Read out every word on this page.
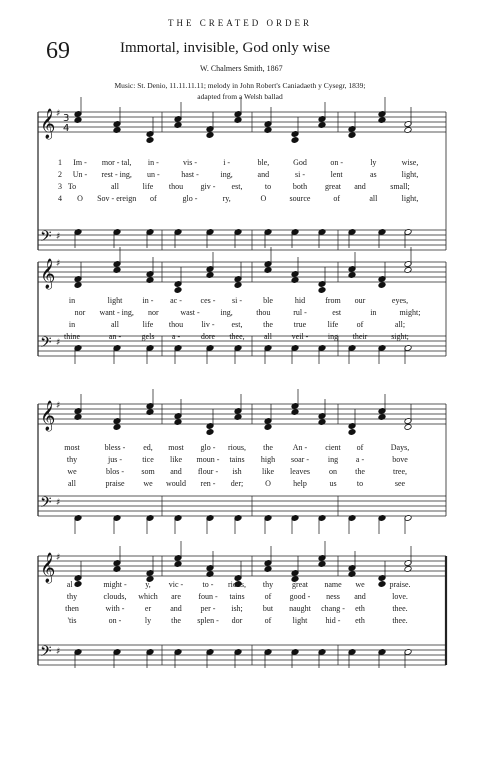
THE CREATED ORDER
69	Immortal, invisible, God only wise
W. Chalmers Smith, 1867
Music: St. Denio, 11.11.11.11; melody in John Robert's Caniadaeth y Cysegr, 1839;
adapted from a Welsh ballad
𝄞
𝄢
♯
♯
3
4
𝄞
𝄢
♯
♯
𝄞
𝄢
♯
♯
𝄞
𝄢
♯
♯
1 Im - mor - tal, in -	vis -	i -	ble,	God	on -	ly	wise,
2 Un - rest - ing, un -	hast -	ing,	and	si -	lent	as	light,
3 To	all	life thou giv - est,	to	both great and	small;
4 O Sov - ereign of	glo -	ry,	O	source	of	all	light,
in	light	in - ac - ces - si -	ble	hid	from our	eyes,
nor want - ing, nor	wast -	ing,	thou	rul -	est	in	might;
in	all	life thou liv - est,	the	true	life of	all;
thine	an -	gels a -	dore thee, all veil - ing their	sight;
most	bless - ed, most glo - rious, the An - cient of	Days,
thy	jus -	tice like moun - tains high soar - ing a -	bove
we	blos - som and flour - ish	like leaves on the	tree,
all	praise we would ren - der;	O	help	us	to	see
al -	might - y, vic - to - rious, thy great name we	praise.
thy	clouds, which are foun - tains	of good - ness and	love.
then	with -	er and per - ish;	but naught chang - eth	thee.
'tis	on -	ly the splen - dor	of	light hid - eth	thee.
